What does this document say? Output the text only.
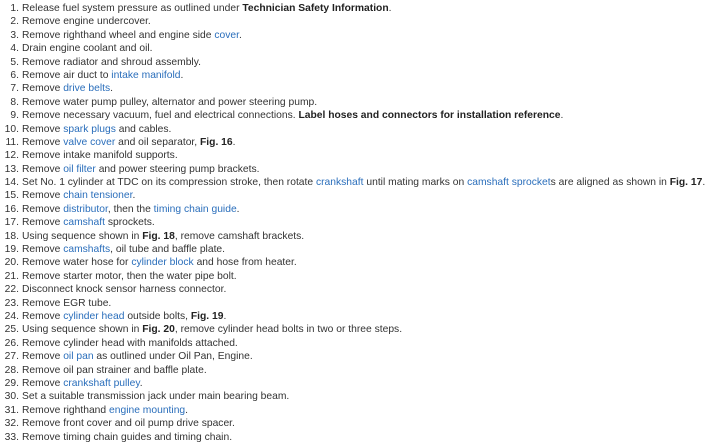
1. Release fuel system pressure as outlined under Technician Safety Information.
2. Remove engine undercover.
3. Remove righthand wheel and engine side cover.
4. Drain engine coolant and oil.
5. Remove radiator and shroud assembly.
6. Remove air duct to intake manifold.
7. Remove drive belts.
8. Remove water pump pulley, alternator and power steering pump.
9. Remove necessary vacuum, fuel and electrical connections. Label hoses and connectors for installation reference.
10. Remove spark plugs and cables.
11. Remove valve cover and oil separator, Fig. 16.
12. Remove intake manifold supports.
13. Remove oil filter and power steering pump brackets.
14. Set No. 1 cylinder at TDC on its compression stroke, then rotate crankshaft until mating marks on camshaft sprockets are aligned as shown in Fig. 17.
15. Remove chain tensioner.
16. Remove distributor, then the timing chain guide.
17. Remove camshaft sprockets.
18. Using sequence shown in Fig. 18, remove camshaft brackets.
19. Remove camshafts, oil tube and baffle plate.
20. Remove water hose for cylinder block and hose from heater.
21. Remove starter motor, then the water pipe bolt.
22. Disconnect knock sensor harness connector.
23. Remove EGR tube.
24. Remove cylinder head outside bolts, Fig. 19.
25. Using sequence shown in Fig. 20, remove cylinder head bolts in two or three steps.
26. Remove cylinder head with manifolds attached.
27. Remove oil pan as outlined under Oil Pan, Engine.
28. Remove oil pan strainer and baffle plate.
29. Remove crankshaft pulley.
30. Set a suitable transmission jack under main bearing beam.
31. Remove righthand engine mounting.
32. Remove front cover and oil pump drive spacer.
33. Remove timing chain guides and timing chain.
